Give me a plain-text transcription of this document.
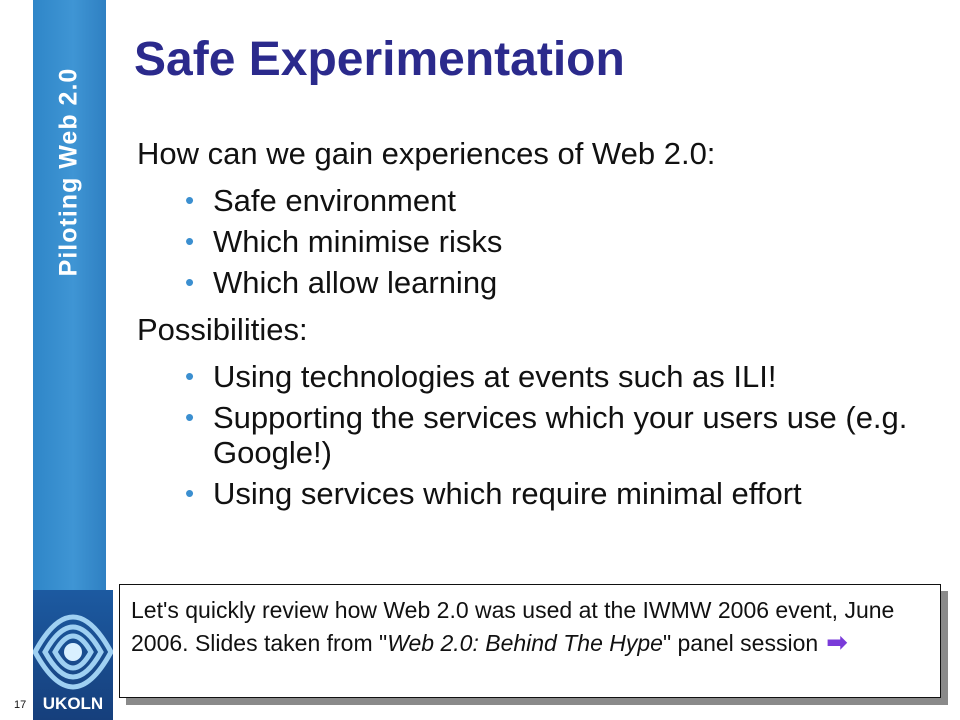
Piloting Web 2.0
Safe Experimentation

How can we gain experiences of Web 2.0:

• Safe environment
• Which minimise risks
• Which allow learning

Possibilities:

• Using technologies at events such as ILI!
• Supporting the services which your users use (e.g. Google!)
• Using services which require minimal effort
UKOLN
17
Let's quickly review how Web 2.0 was used at the IWMW 2006 event, June 2006. Slides taken from "Web 2.0: Behind The Hype" panel session ➡
